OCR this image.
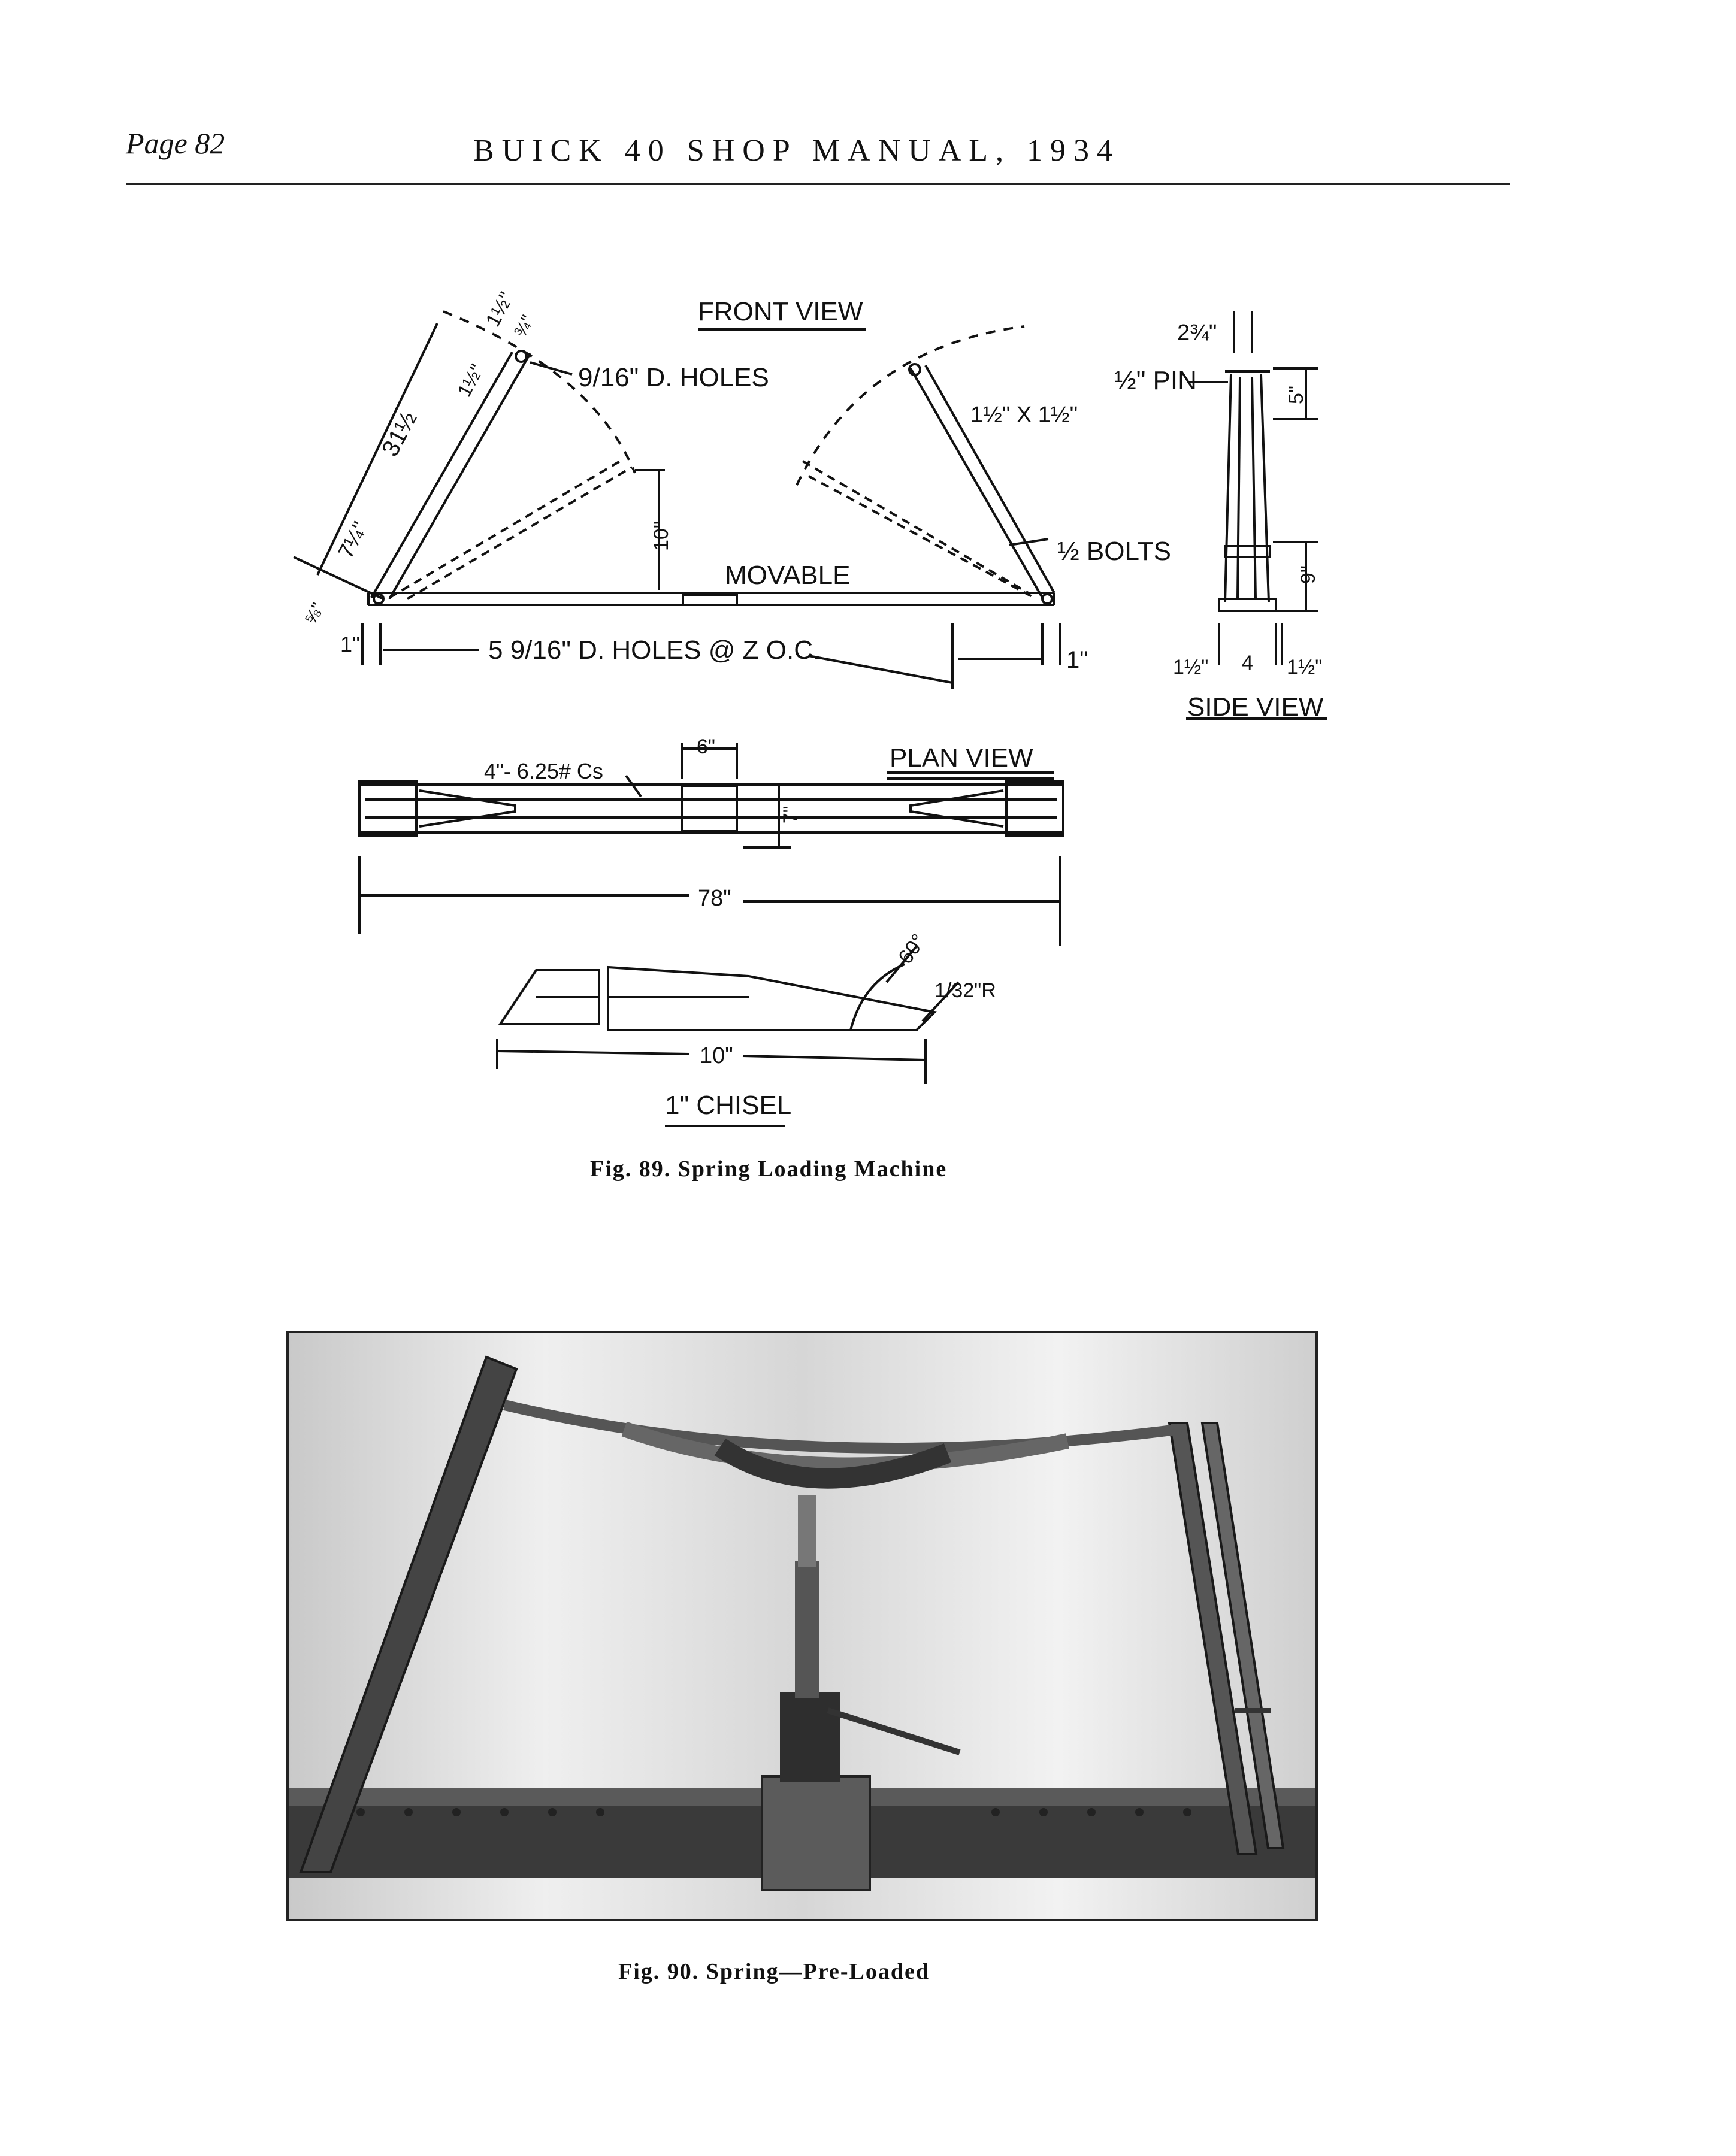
Page 82	BUICK 40 SHOP MANUAL, 1934
FRONT VIEW
1½"
¾"
1½"	9/16" D. HOLES
31½
7¼"
⅝"
10"
MOVABLE
1½" X 1½"
½ BOLTS
1"	5 9/16" D. HOLES @ Z O.C.	1"
2¾"
½" PIN	5"
9"
1½" 4 1½"
SIDE VIEW
PLAN VIEW
4"- 6.25# Cs
6"
7"
78"
60°
1/32"R
10"
1" CHISEL
Fig. 89. Spring Loading Machine
Fig. 90. Spring—Pre-Loaded
